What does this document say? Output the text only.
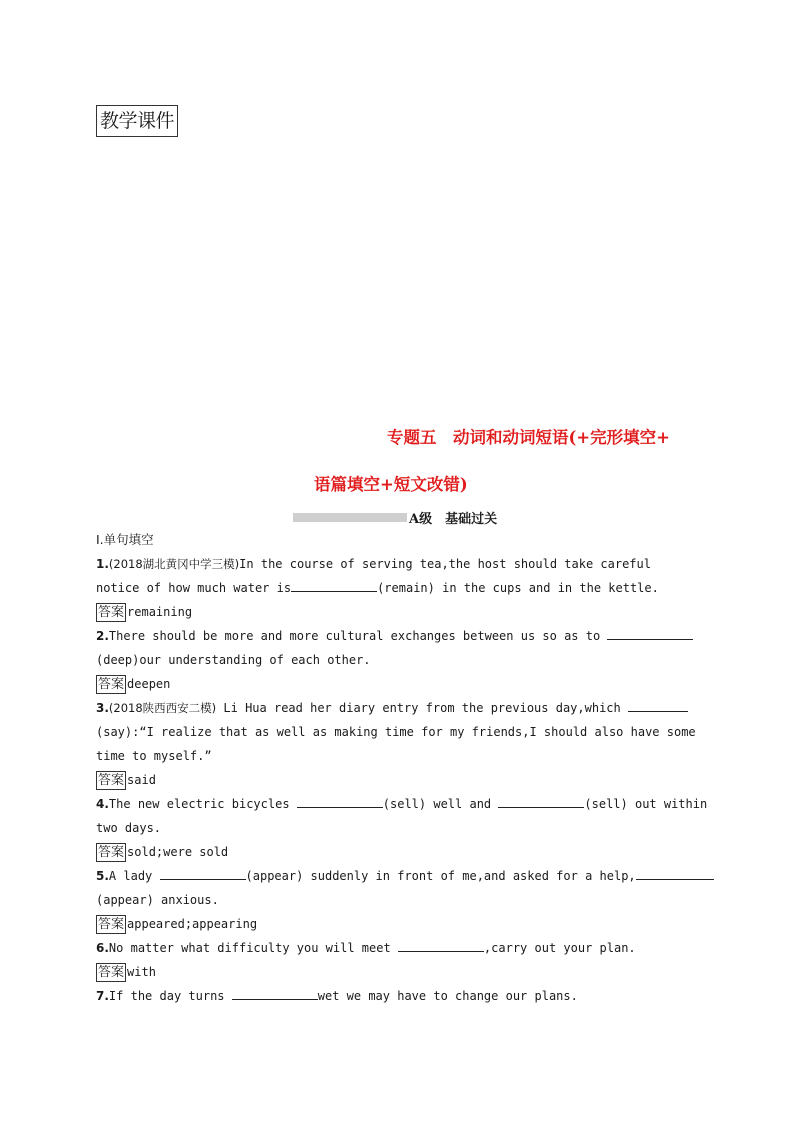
教学课件
专题五　动词和动词短语(+完形填空+
语篇填空+短文改错)
A级　基础过关
Ⅰ.单句填空
1.(2018湖北黄冈中学三模)In the course of serving tea,the host should take careful
notice of how much water is	(remain) in the cups and in the kettle.
答案 remaining
2.There should be more and more cultural exchanges between us so as to
(deep)our understanding of each other.
答案 deepen
3.(2018陕西西安二模) Li Hua read her diary entry from the previous day,which
(say):“I realize that as well as making time for my friends,I should also have some
time to myself.”
答案 said
4.The new electric bicycles	(sell) well and	(sell) out within
two days.
答案 sold;were sold
5.A lady	(appear) suddenly in front of me,and asked for a help,
(appear) anxious.
答案 appeared;appearing
6.No matter what difficulty you will meet	,carry out your plan.
答案 with
7.If the day turns	wet we may have to change our plans.
